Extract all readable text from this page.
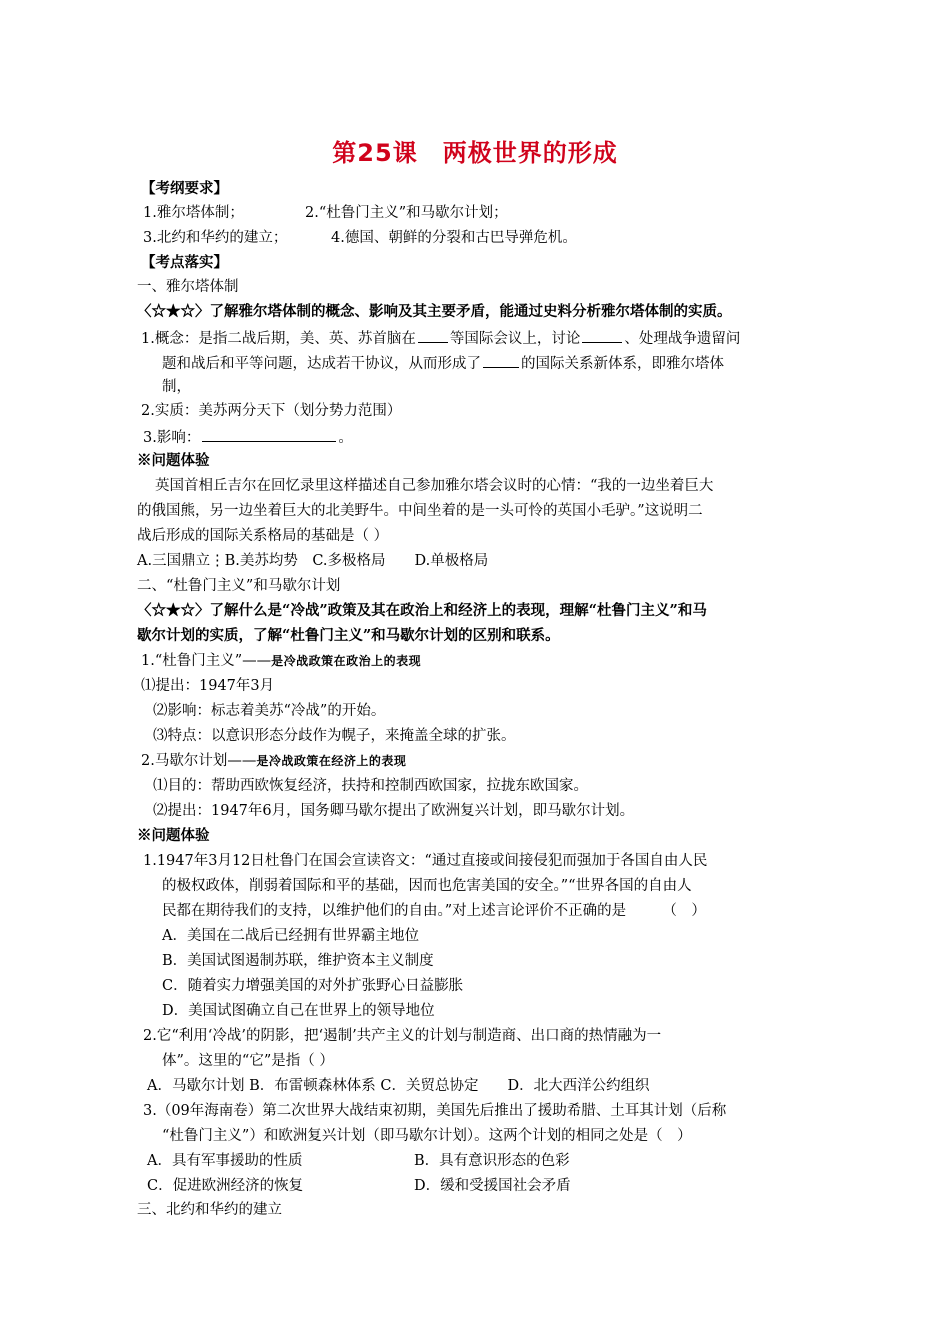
第25课　两极世界的形成
【考纲要求】
1.雅尔塔体制；	2.“杜鲁门主义”和马歇尔计划；
3.北约和华约的建立；	4.德国、朝鲜的分裂和古巴导弹危机。
【考点落实】
一、雅尔塔体制
〈☆★☆〉了解雅尔塔体制的概念、影响及其主要矛盾，能通过史料分析雅尔塔体制的实质。
1.概念：是指二战后期，美、英、苏首脑在 等国际会议上，讨论	、处理战争遗留问
题和战后和平等问题，达成若干协议，从而形成了	的国际关系新体系，即雅尔塔体
制，
2.实质：美苏两分天下（划分势力范围）
3.影响：	。
※问题体验
英国首相丘吉尔在回忆录里这样描述自己参加雅尔塔会议时的心情：“我的一边坐着巨大
的俄国熊，另一边坐着巨大的北美野牛。中间坐着的是一头可怜的英国小毛驴。”这说明二
战后形成的国际关系格局的基础是（ ）
A.三国鼎立⋮B.美苏均势　C.多极格局　　D.单极格局
二、“杜鲁门主义”和马歇尔计划
〈☆★☆〉了解什么是“冷战”政策及其在政治上和经济上的表现，理解“杜鲁门主义”和马
歇尔计划的实质，了解“杜鲁门主义”和马歇尔计划的区别和联系。
1.“杜鲁门主义”——是冷战政策在政治上的表现
⑴提出：1947年3月
⑵影响：标志着美苏“冷战”的开始。
⑶特点：以意识形态分歧作为幌子，来掩盖全球的扩张。
2.马歇尔计划——是冷战政策在经济上的表现
⑴目的：帮助西欧恢复经济，扶持和控制西欧国家，拉拢东欧国家。
⑵提出：1947年6月，国务卿马歇尔提出了欧洲复兴计划，即马歇尔计划。
※问题体验
1.1947年3月12日杜鲁门在国会宣读咨文：“通过直接或间接侵犯而强加于各国自由人民
的极权政体，削弱着国际和平的基础，因而也危害美国的安全。”“世界各国的自由人
民都在期待我们的支持，以维护他们的自由。”对上述言论评价不正确的是　　　（　）
A．美国在二战后已经拥有世界霸主地位
B．美国试图遏制苏联，维护资本主义制度
C．随着实力增强美国的对外扩张野心日益膨胀
D．美国试图确立自己在世界上的领导地位
2.它“利用‘冷战’的阴影，把‘遏制’共产主义的计划与制造商、出口商的热情融为一
体”。这里的“它”是指（ ）
A．马歇尔计划 B．布雷顿森林体系 C．关贸总协定　　D．北大西洋公约组织
3.（09年海南卷）第二次世界大战结束初期，美国先后推出了援助希腊、土耳其计划（后称
“杜鲁门主义”）和欧洲复兴计划（即马歇尔计划）。这两个计划的相同之处是（　）
A．具有军事援助的性质	B．具有意识形态的色彩
C．促进欧洲经济的恢复	D．缓和受援国社会矛盾
三、北约和华约的建立
